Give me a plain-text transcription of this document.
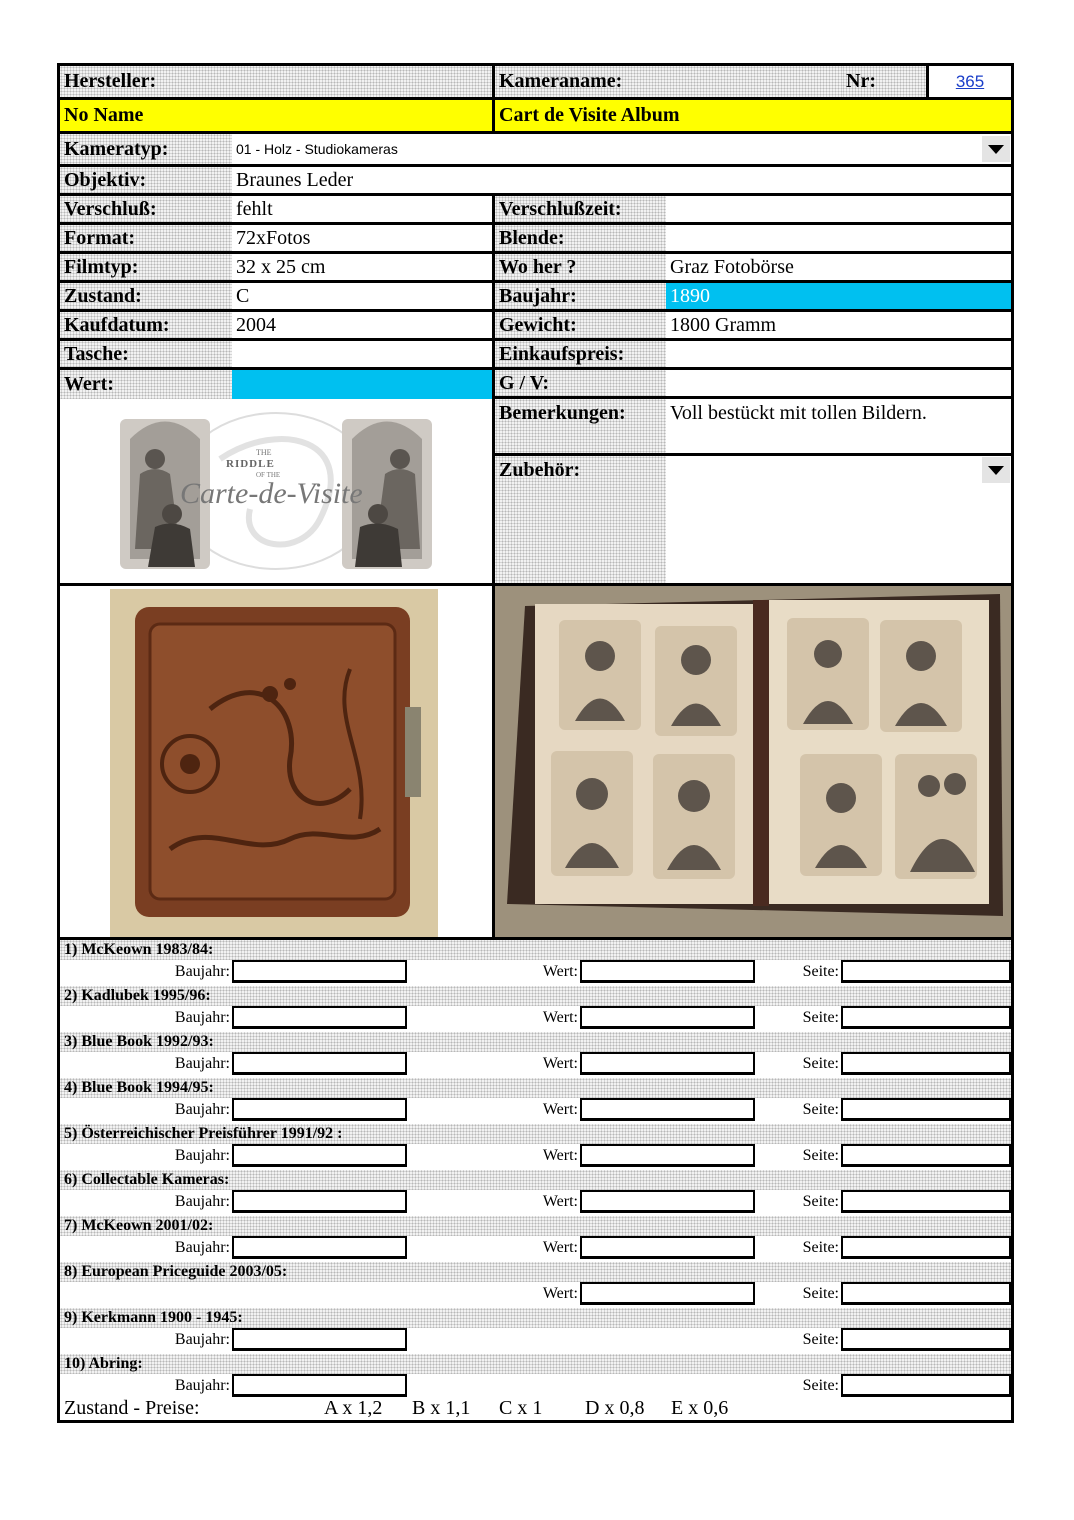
Hersteller:	Kameraname:	Nr:	365
No Name	Cart de Visite Album
Kameratyp:	01 - Holz - Studiokameras
Objektiv:	Braunes Leder
Verschluß:	fehlt	Verschlußzeit:
Format:	72xFotos	Blende:
Filmtyp:	32 x 25 cm	Wo her ?	Graz Fotobörse
Zustand:	C	Baujahr:	1890
Kaufdatum:	2004	Gewicht:	1800 Gramm
Tasche:	Einkaufspreis:
Wert:	G / V:
THE
RIDDLE
OF THE
Carte-de-Visite
Bemerkungen:	Voll bestückt mit tollen Bildern.
Zubehör:
1) McKeown 1983/84:
Baujahr:	Wert:	Seite:
2) Kadlubek 1995/96:
Baujahr:	Wert:	Seite:
3) Blue Book 1992/93:
Baujahr:	Wert:	Seite:
4) Blue Book 1994/95:
Baujahr:	Wert:	Seite:
5) Österreichischer Preisführer 1991/92 :
Baujahr:	Wert:	Seite:
6) Collectable Kameras:
Baujahr:	Wert:	Seite:
7) McKeown 2001/02:
Baujahr:	Wert:	Seite:
8) European Priceguide 2003/05:
Wert:	Seite:
9) Kerkmann 1900 - 1945:
Baujahr:	Seite:
10) Abring:
Baujahr:	Seite:
Zustand - Preise:	A x 1,2	B x 1,1	C x 1	D x 0,8	E x 0,6
